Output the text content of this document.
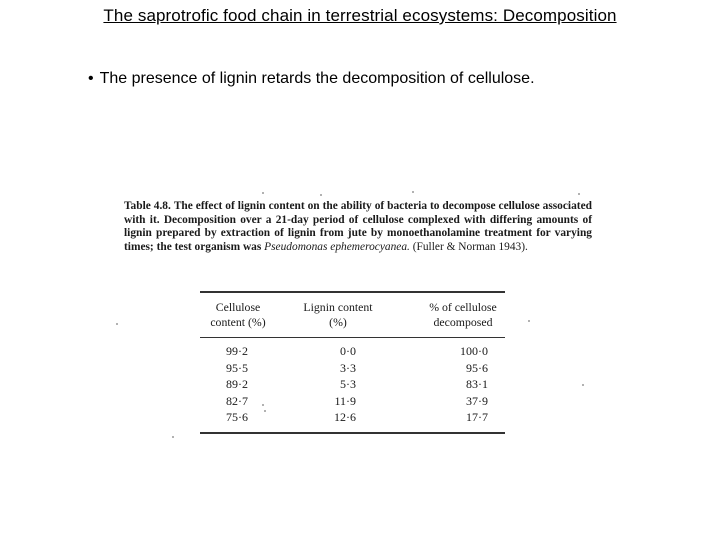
The saprotrofic food chain in terrestrial ecosystems: Decomposition
• The presence of lignin retards the decomposition of cellulose.
Table 4.8. The effect of lignin content on the ability of bacteria to decompose cellulose associated with it. Decomposition over a 21-day period of cellulose complexed with differing amounts of lignin prepared by extraction of lignin from jute by monoethanolamine treatment for varying times; the test organism was Pseudomonas ephemerocyanea. (Fuller & Norman 1943).
Cellulose content (%)
Lignin content (%)
% of cellulose decomposed
99·2	0·0	100·0
95·5	3·3	95·6
89·2	5·3	83·1
82·7	11·9	37·9
75·6	12·6	17·7
